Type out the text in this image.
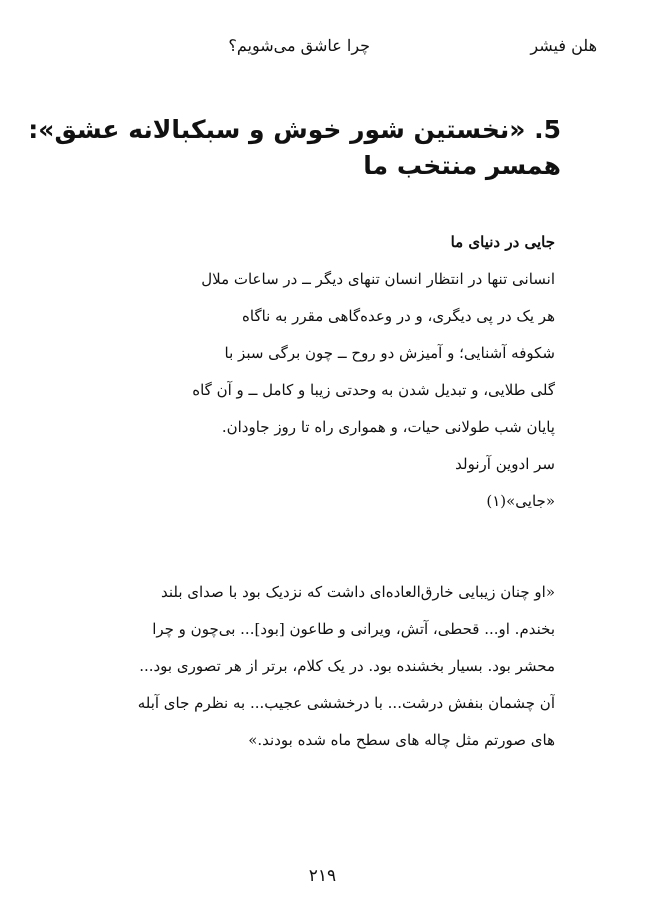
هلن فیشر
چرا عاشق می‌شویم؟
5. «نخستین شور خوش و سبکبالانه عشق»:
همسر منتخب ما
جایی در دنیای ما
انسانی تنها در انتظار انسان تنهای دیگر ــ در ساعات ملال
هر یک در پی دیگری، و در وعده‌گاهی مقرر به ناگاه
شکوفه آشنایی؛ و آمیزش دو روح ــ چون برگی سبز با
گلی طلایی، و تبدیل شدن به وحدتی زیبا و کامل ــ و آن گاه
پایان شب طولانی حیات، و همواری راه تا روز جاودان.
سر ادوین آرنولد
«جایی»(۱)
«او چنان زیبایی خارق‌العاده‌ای داشت که نزدیک بود با صدای بلند
بخندم. او... قحطی، آتش، ویرانی و طاعون [بود]... بی‌چون و چرا
محشر بود. بسیار بخشنده بود. در یک کلام، برتر از هر تصوری بود...
آن چشمان بنفش درشت... با درخششی عجیب... به نظرم جای آبله
های صورتم مثل چاله های سطح ماه شده بودند.»
۲۱۹
